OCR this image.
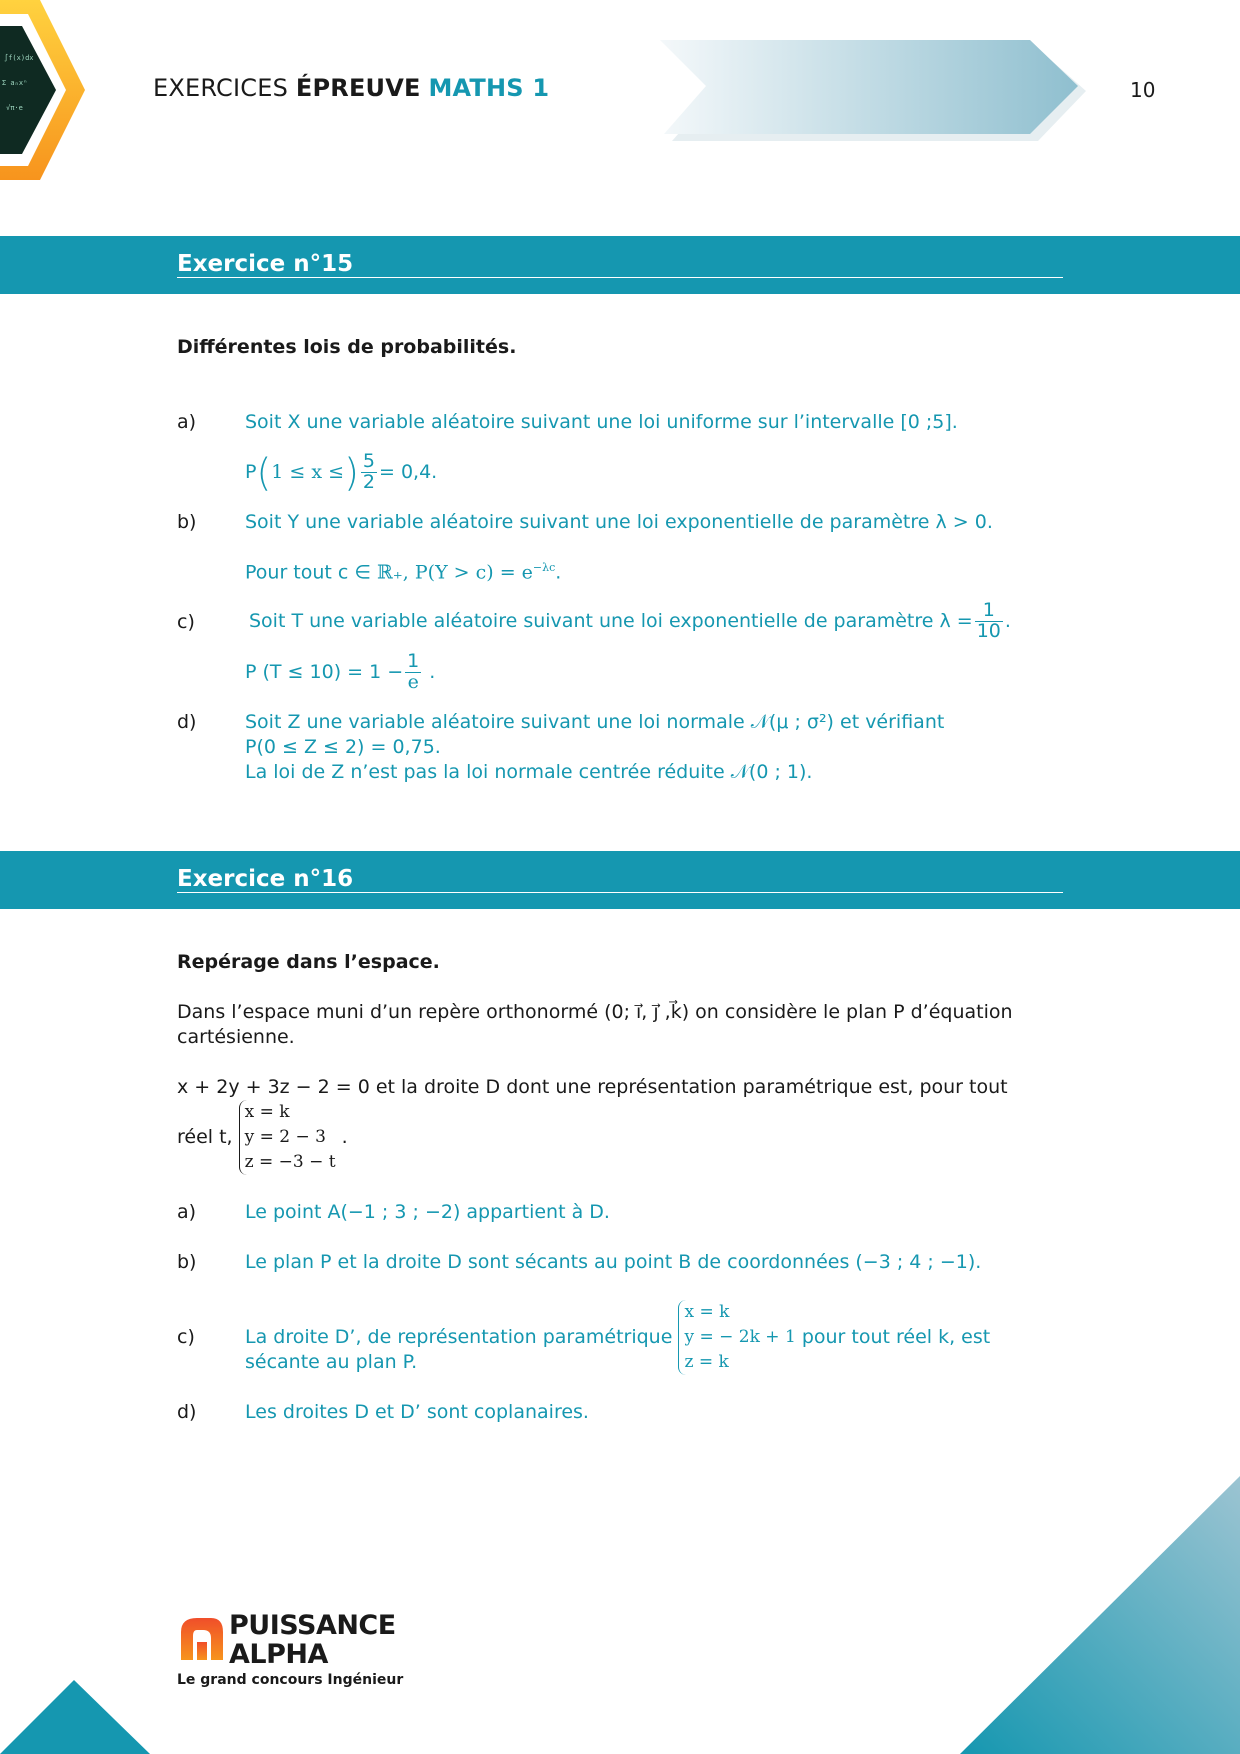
∫f(x)dx
Σ aₙxⁿ
√π·e
EXERCICES ÉPREUVE MATHS 1	10
Exercice n°15
Différentes lois de probabilités.
a)	Soit X une variable aléatoire suivant une loi uniforme sur l’intervalle [0 ;5].
P(1 ≤ x ≤) $\frac{5}{2} = 0,4$.
b)	Soit Y une variable aléatoire suivant une loi exponentielle de paramètre λ > 0.
Pour tout c ∈ ℝ₊, $P(Y > c) = e^{-\lambda c}$.
c)	Soit T une variable aléatoire suivant une loi exponentielle de paramètre $\lambda = \frac{1}{10}$ .
P $(T \le 10) = 1 - \frac{1}{e}$ .
d)	Soit Z une variable aléatoire suivant une loi normale 𝒩(μ ; σ²) et vérifiant
P(0 ≤ Z ≤ 2) = 0,75.
La loi de Z n’est pas la loi normale centrée réduite 𝒩(0 ; 1).
Exercice n°16
Repérage dans l’espace.
Dans l’espace muni d’un repère orthonormé (0; i⃗, j⃗ ,k⃗) on considère le plan P d’équation
cartésienne.
x + 2y + 3z − 2 = 0 et la droite D dont une représentation paramétrique est, pour tout
réel t,
x = k
y = 2 − 3
z = −3 − t
.
a)	Le point A(−1 ; 3 ; −2) appartient à D.
b)	Le plan P et la droite D sont sécants au point B de coordonnées (−3 ; 4 ; −1).
c)	La droite D’, de représentation paramétrique
x = k
y = − 2k + 1
z = k
pour tout réel k, est
sécante au plan P.
d)	Les droites D et D’ sont coplanaires.
PUISSANCE
ALPHA
Le grand concours Ingénieur
